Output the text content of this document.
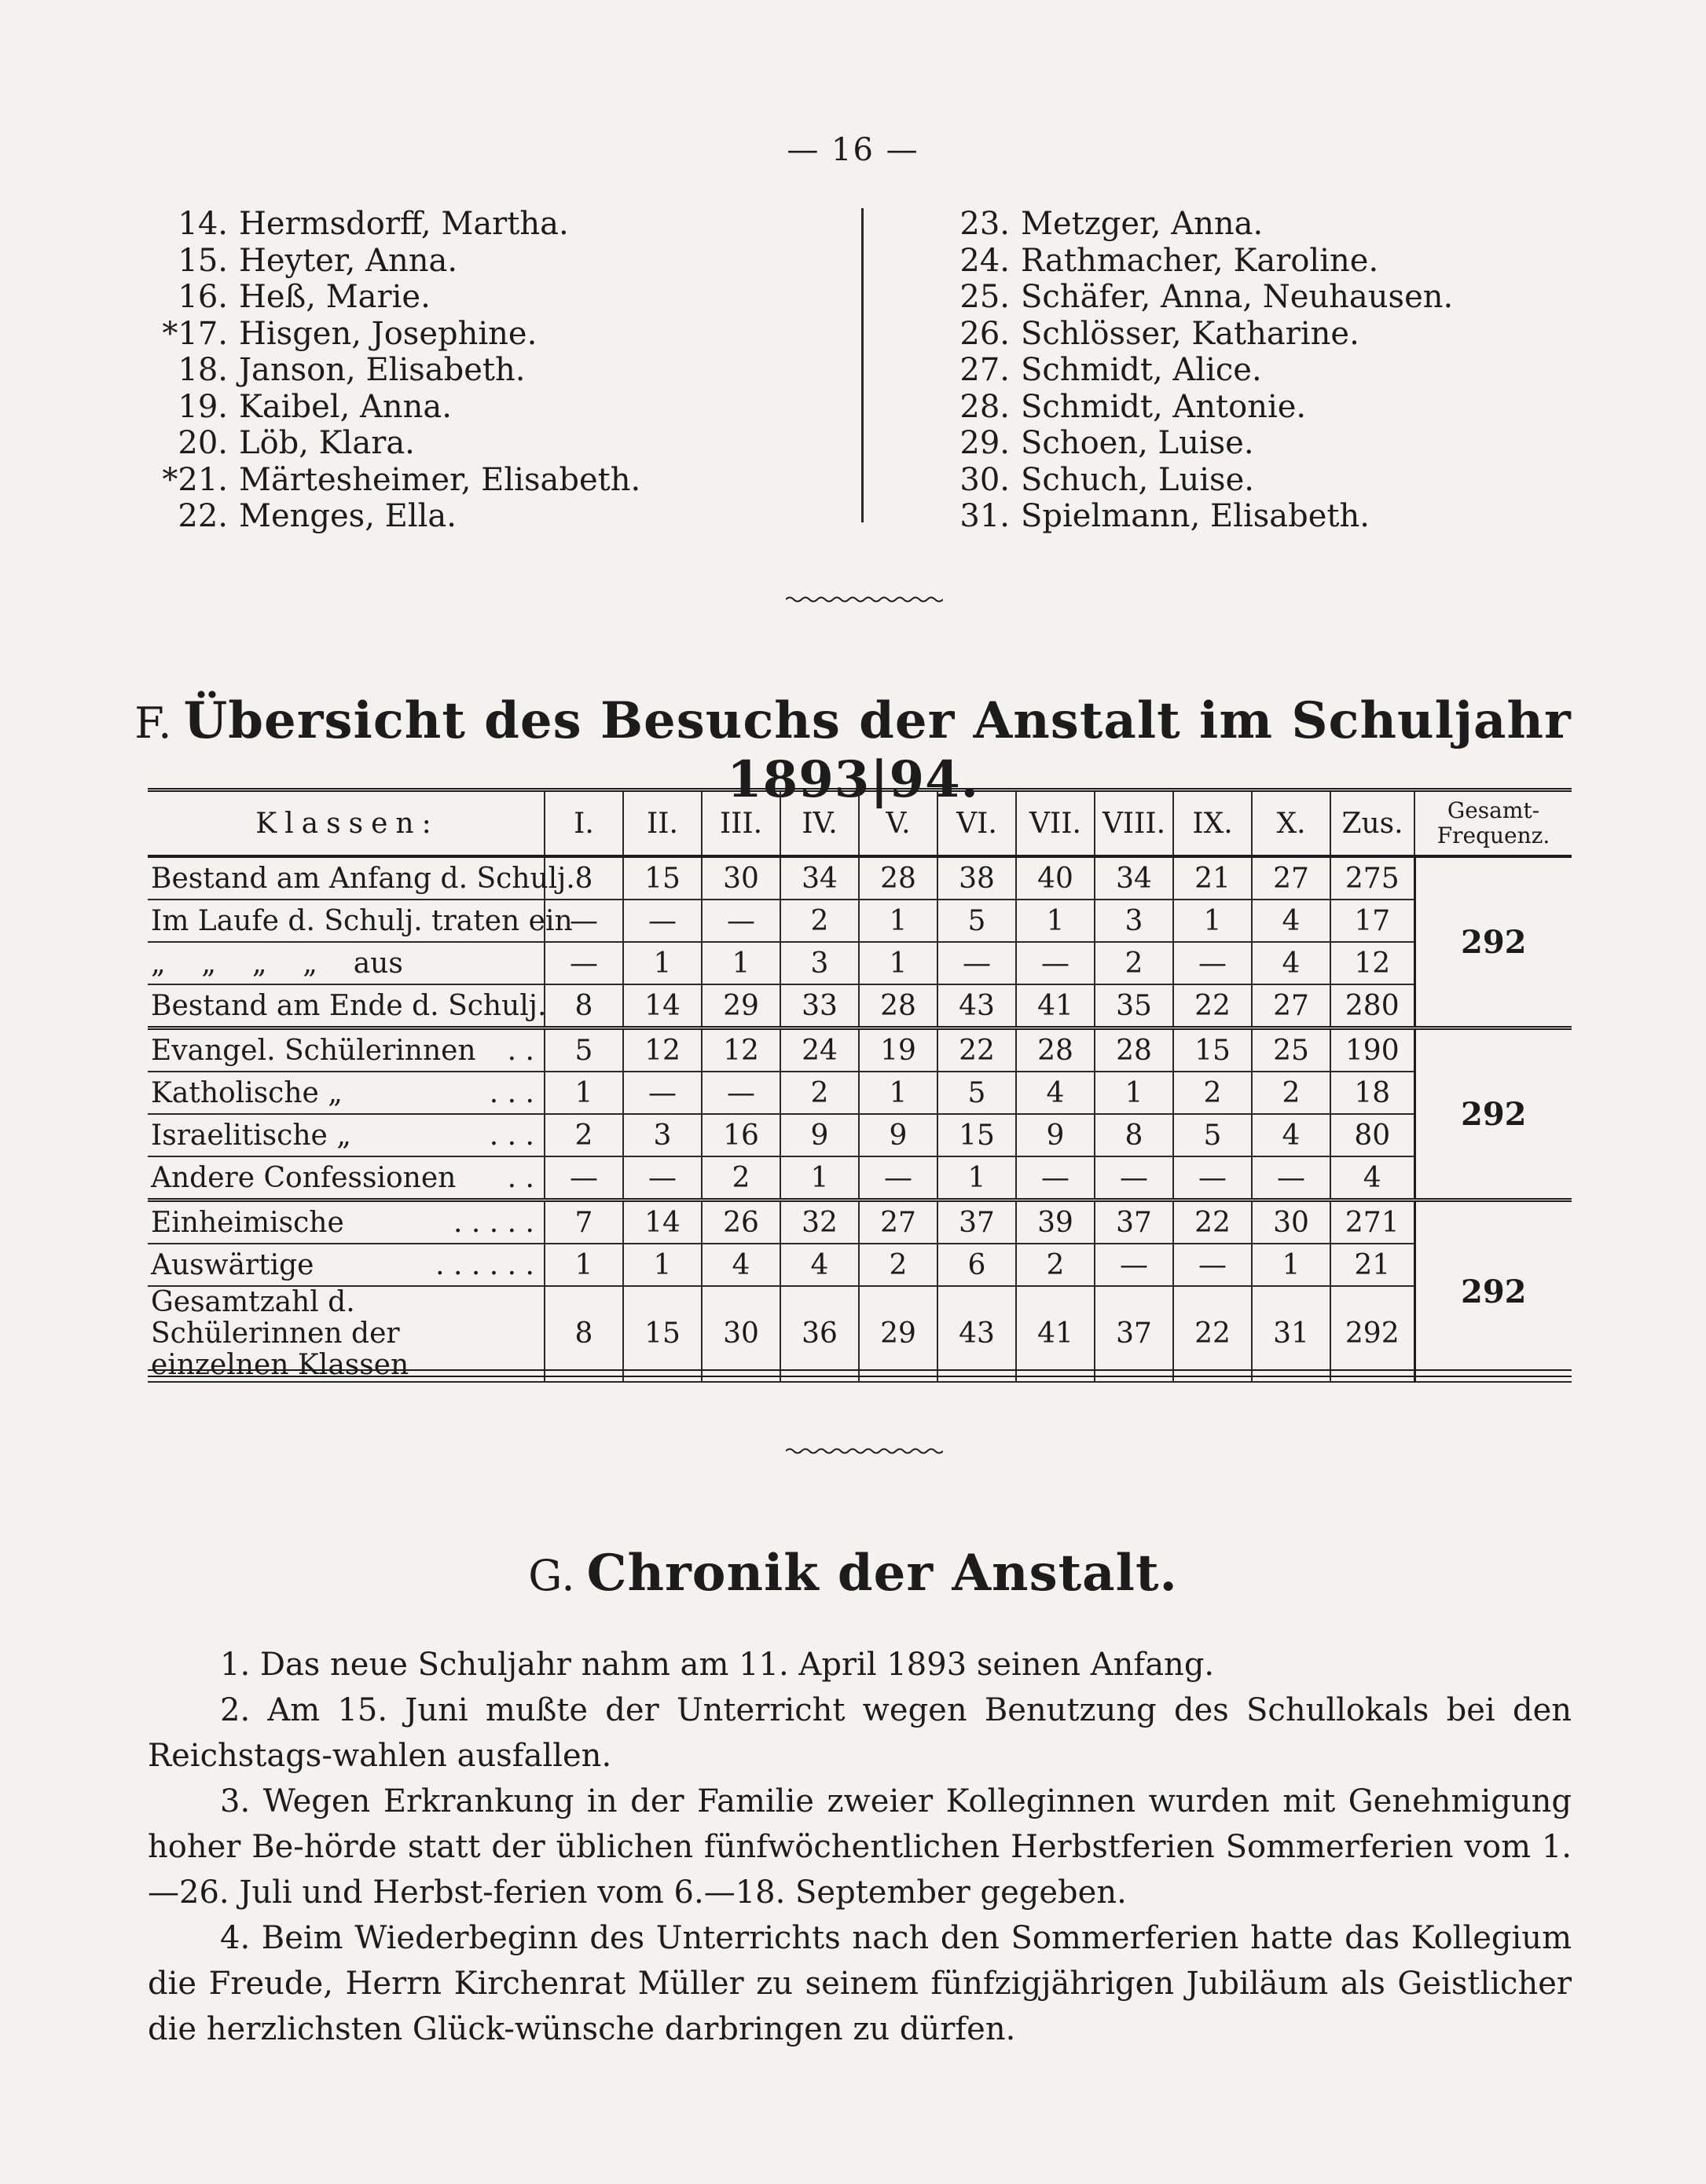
— 16 —
14. Hermsdorff, Martha.
15. Heyter, Anna.
16. Heß, Marie.
*17. Hisgen, Josephine.
18. Janson, Elisabeth.
19. Kaibel, Anna.
20. Löb, Klara.
*21. Märtesheimer, Elisabeth.
22. Menges, Ella.
23. Metzger, Anna.
24. Rathmacher, Karoline.
25. Schäfer, Anna, Neuhausen.
26. Schlösser, Katharine.
27. Schmidt, Alice.
28. Schmidt, Antonie.
29. Schoen, Luise.
30. Schuch, Luise.
31. Spielmann, Elisabeth.
F. Übersicht des Besuchs der Anstalt im Schuljahr 1893|94.
Klassen:	I.	II.	III.	IV.	V.	VI.	VII.	VIII.	IX.	X.	Zus.	Gesamt-
Frequenz.

Bestand am Anfang d. Schulj.	8	15	30	34	28	38	40	34	21	27	275	292

Im Laufe d. Schulj. traten ein	—	—	—	2	1	5	1	3	1	4	17	

„    „    „    „    aus	—	1	1	3	1	—	—	2	—	4	12	

Bestand am Ende d. Schulj.	8	14	29	33	28	43	41	35	22	27	280	

Evangel. Schülerinnen . .	5	12	12	24	19	22	28	28	15	25	190	292

Katholische „ . . .	1	—	—	2	1	5	4	1	2	2	18	

Israelitische „ . . .	2	3	16	9	9	15	9	8	5	4	80	

Andere Confessionen . .	—	—	2	1	—	1	—	—	—	—	4	

Einheimische . . . . .	7	14	26	32	27	37	39	37	22	30	271	292

Auswärtige . . . . . .	1	1	4	4	2	6	2	—	—	1	21	

Gesamtzahl d. Schülerinnen der einzelnen Klassen	8	15	30	36	29	43	41	37	22	31	292	
G. Chronik der Anstalt.

1. Das neue Schuljahr nahm am 11. April 1893 seinen Anfang.

2. Am 15. Juni mußte der Unterricht wegen Benutzung des Schullokals bei den Reichstags-wahlen ausfallen.

3. Wegen Erkrankung in der Familie zweier Kolleginnen wurden mit Genehmigung hoher Be-hörde statt der üblichen fünfwöchentlichen Herbstferien Sommerferien vom 1.—26. Juli und Herbst-ferien vom 6.—18. September gegeben.

4. Beim Wiederbeginn des Unterrichts nach den Sommerferien hatte das Kollegium die Freude, Herrn Kirchenrat Müller zu seinem fünfzigjährigen Jubiläum als Geistlicher die herzlichsten Glück-wünsche darbringen zu dürfen.
